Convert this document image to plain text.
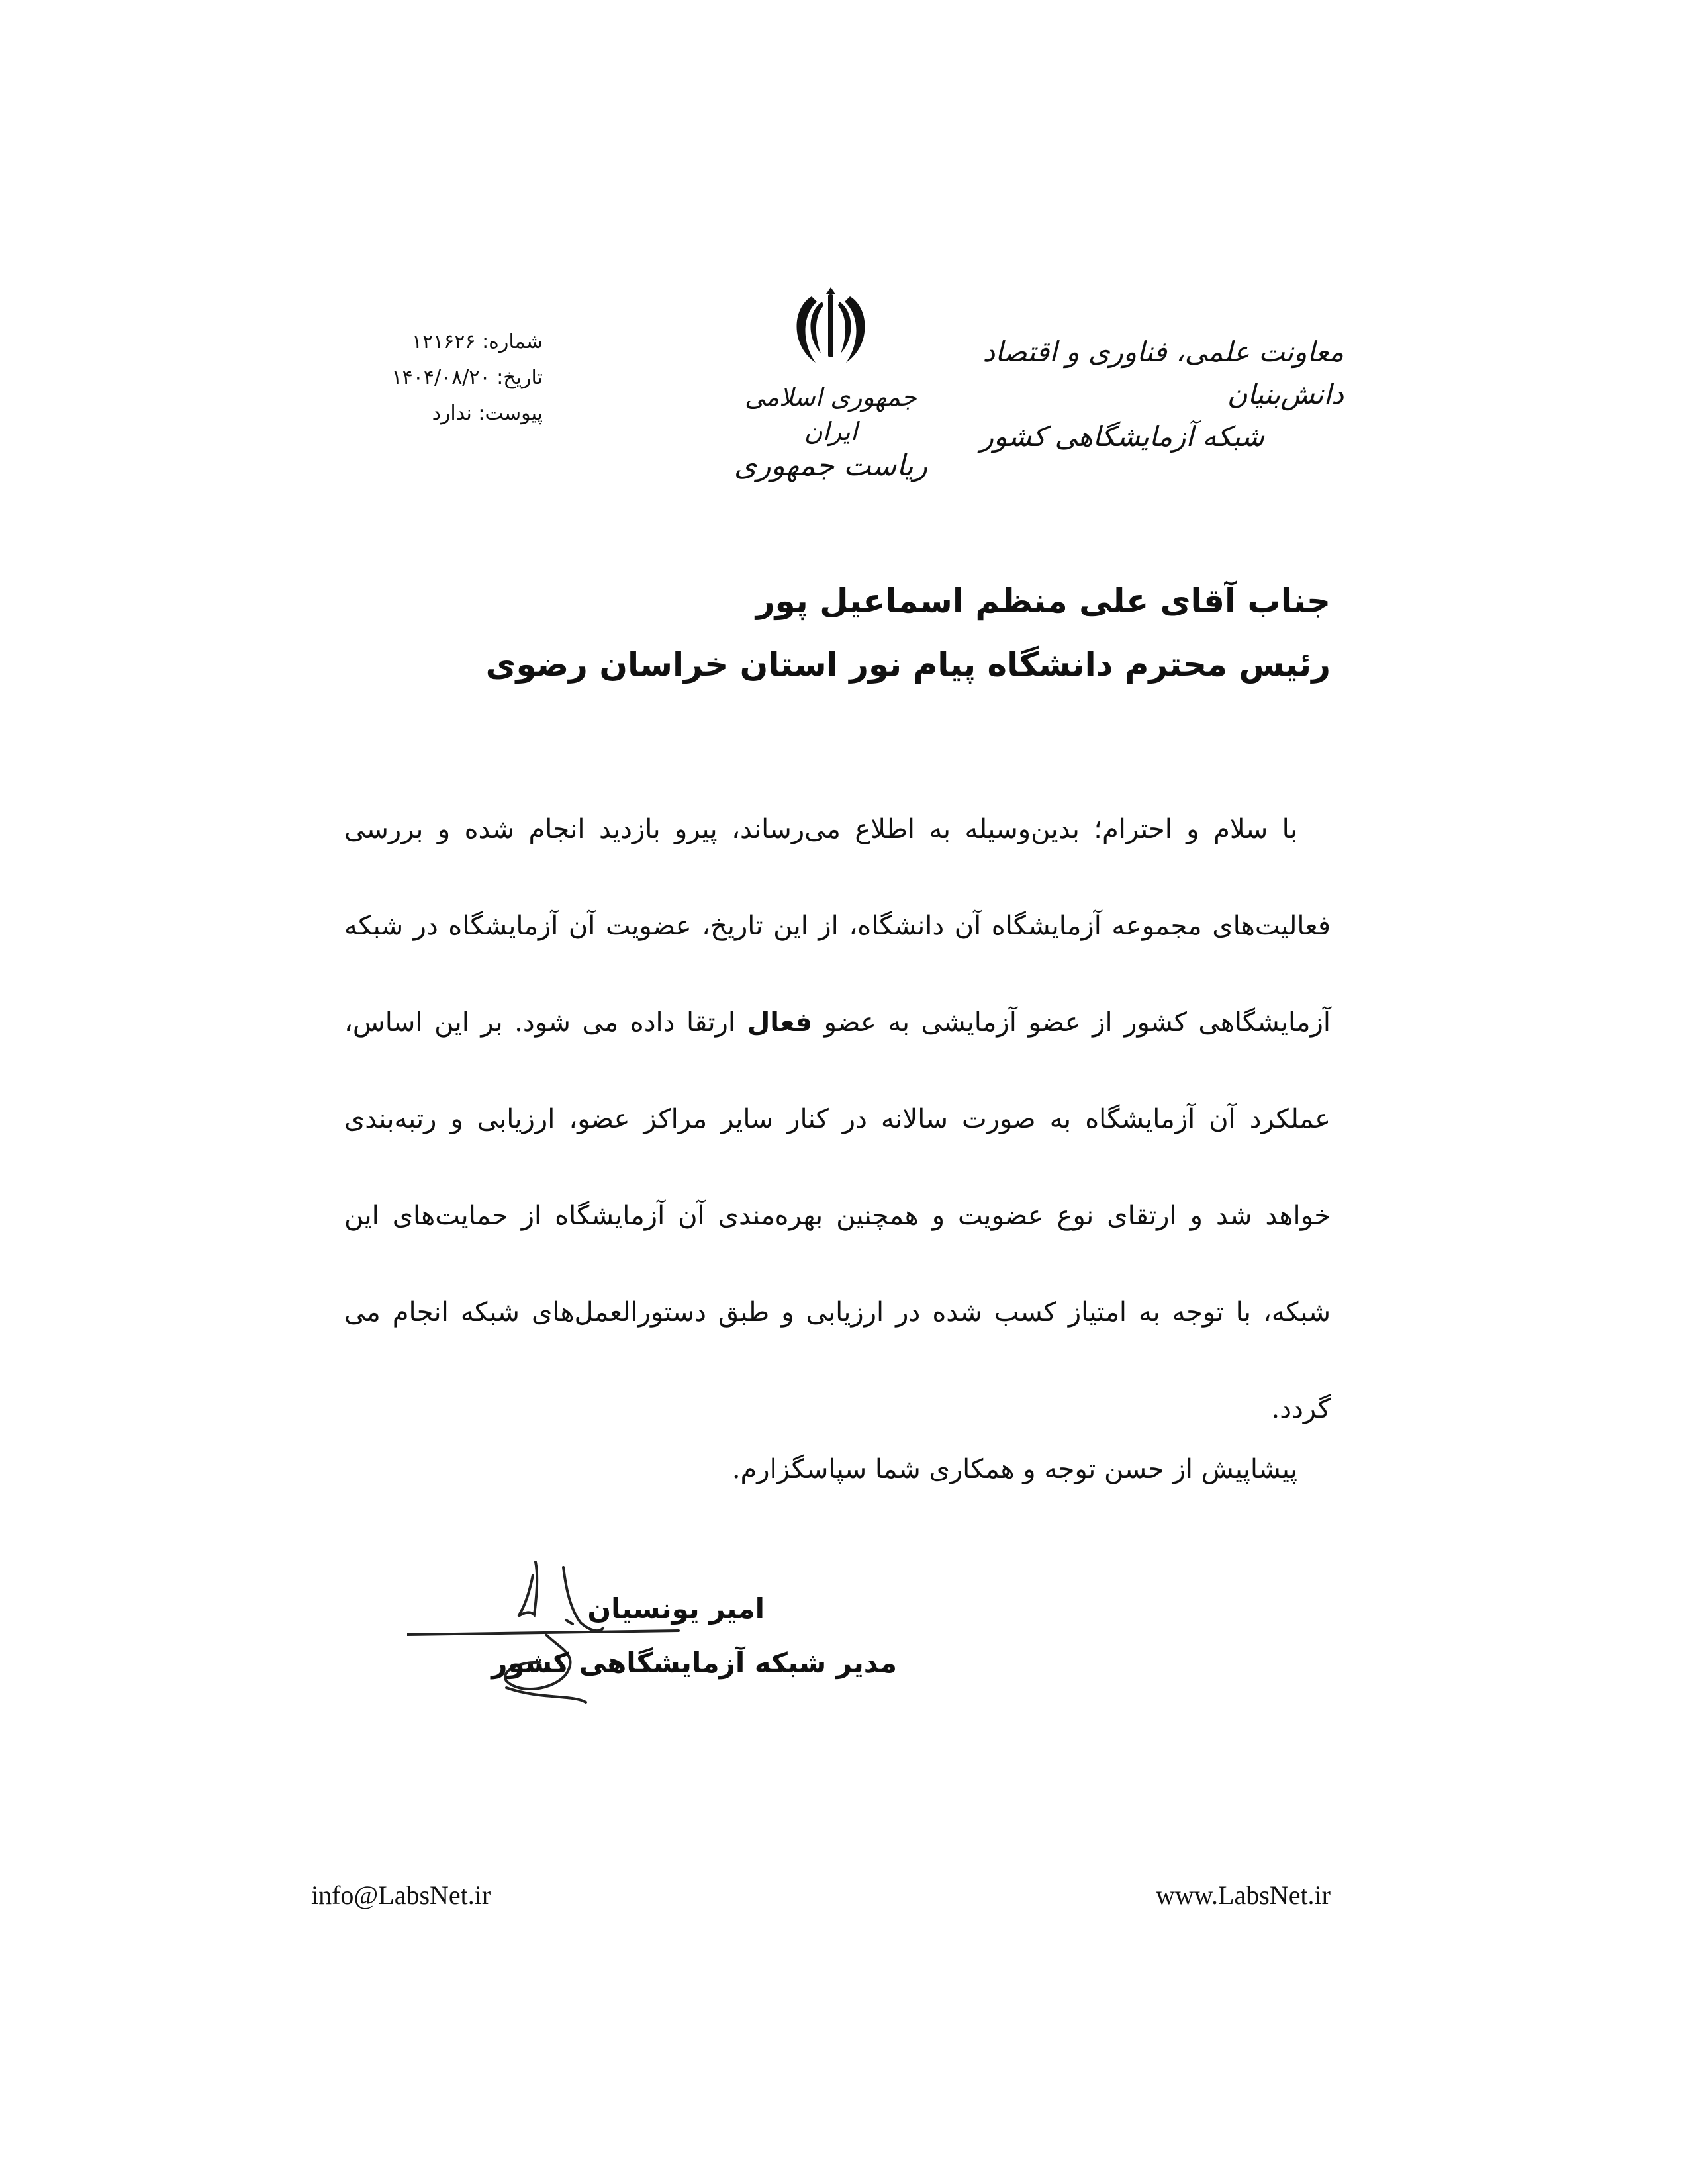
معاونت علمی، فناوری و اقتصاد دانش‌بنیان
شبکه آزمایشگاهی کشور
جمهوری اسلامی ایران
ریاست جمهوری
شماره: ۱۲۱۶۲۶
تاریخ: ۱۴۰۴/۰۸/۲۰
پیوست: ندارد
جناب آقای علی منظم اسماعیل پور
رئیس محترم دانشگاه پیام نور استان خراسان رضوی

با سلام و احترام؛ بدین‌وسیله به اطلاع می‌رساند، پیرو بازدید انجام شده و بررسی فعالیت‌های مجموعه آزمایشگاه آن دانشگاه، از این تاریخ، عضویت آن آزمایشگاه در شبکه آزمایشگاهی کشور از عضو آزمایشی به عضو فعال ارتقا داده می شود. بر این اساس، عملکرد آن آزمایشگاه به صورت سالانه در کنار سایر مراکز عضو، ارزیابی و رتبه‌بندی خواهد شد و ارتقای نوع عضویت و همچنین بهره‌مندی آن آزمایشگاه از حمایت‌های این شبکه، با توجه به امتیاز کسب شده در ارزیابی و طبق دستورالعمل‌های شبکه انجام می گردد.

پیشاپیش از حسن توجه و همکاری شما سپاسگزارم.
امیر یونسیان
مدیر شبکه آزمایشگاهی کشور
info@LabsNet.ir	www.LabsNet.ir
